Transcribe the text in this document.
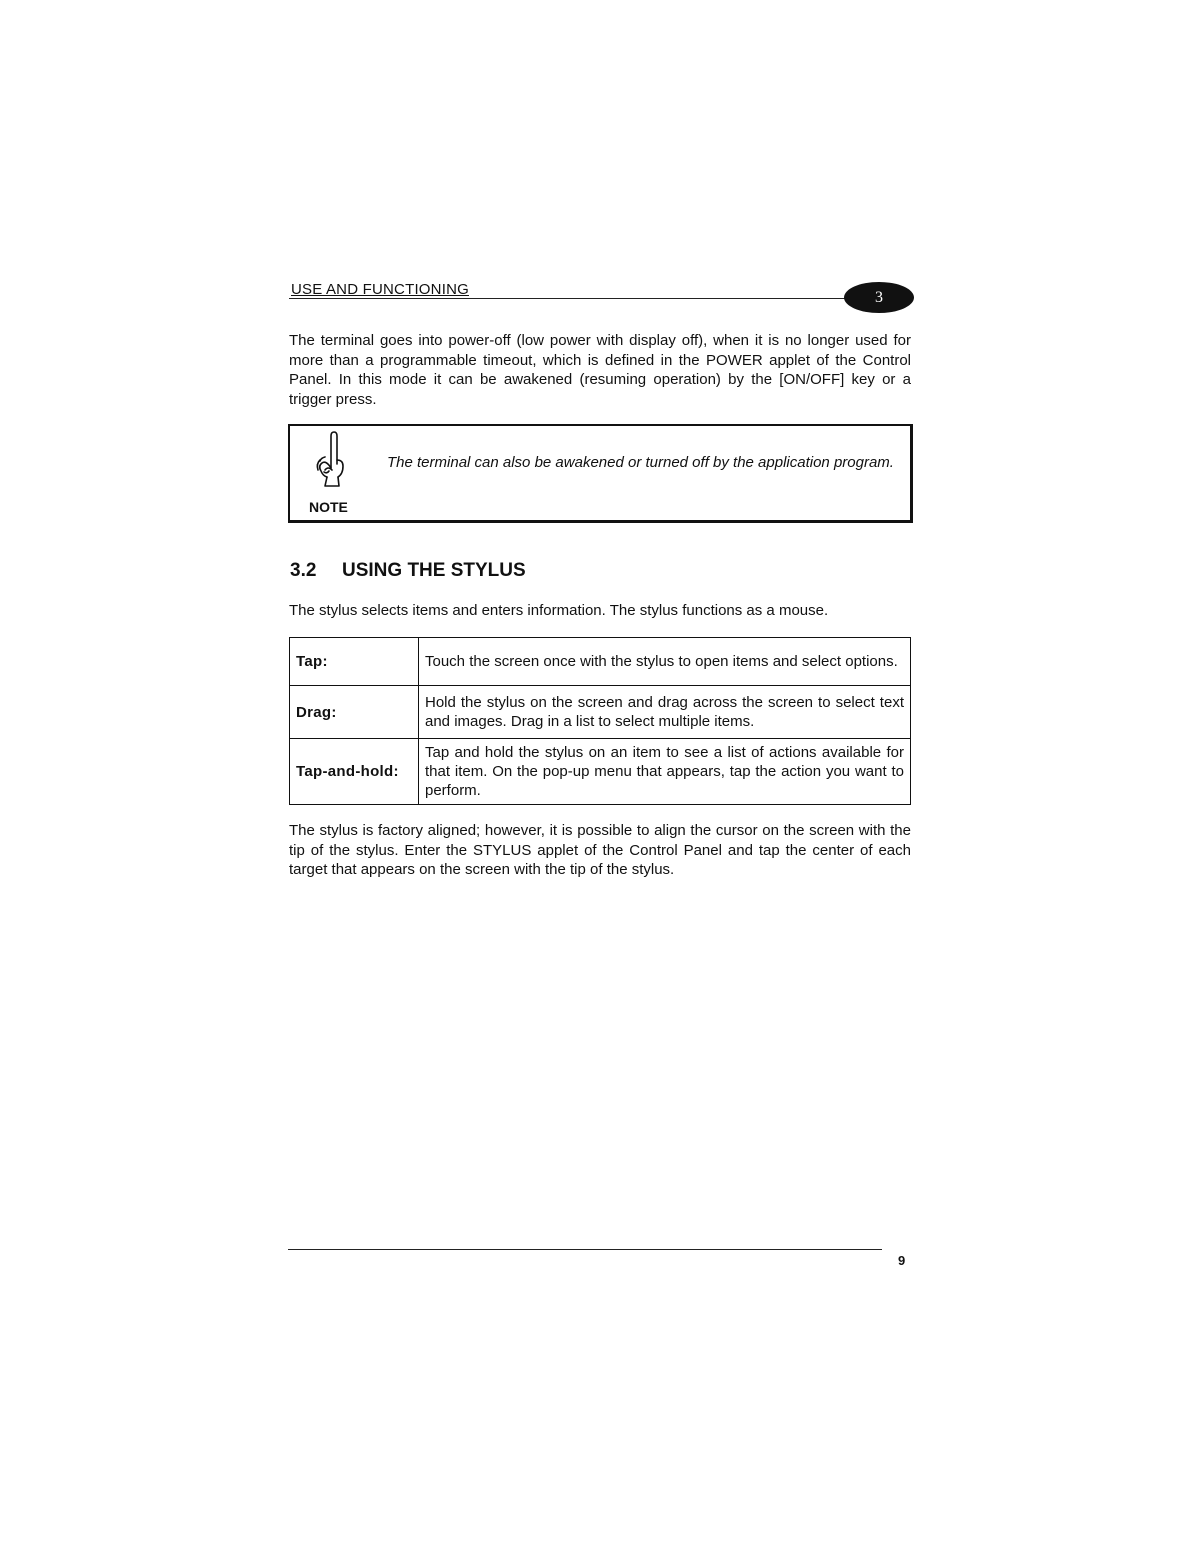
USE AND FUNCTIONING	3

The terminal goes into power-off (low power with display off), when it is no longer used for more than a programmable timeout, which is defined in the POWER applet of the Control Panel. In this mode it can be awakened (resuming operation) by the [ON/OFF] key or a trigger press.

NOTE

The terminal can also be awakened or turned off by the application program.

3.2 USING THE STYLUS

The stylus selects items and enters information. The stylus functions as a mouse.

Tap:	Touch the screen once with the stylus to open items and select options.
Drag:	Hold the stylus on the screen and drag across the screen to select text and images. Drag in a list to select multiple items.
Tap-and-hold:	Tap and hold the stylus on an item to see a list of actions available for that item. On the pop-up menu that appears, tap the action you want to perform.

The stylus is factory aligned; however, it is possible to align the cursor on the screen with the tip of the stylus. Enter the STYLUS applet of the Control Panel and tap the center of each target that appears on the screen with the tip of the stylus.

9
